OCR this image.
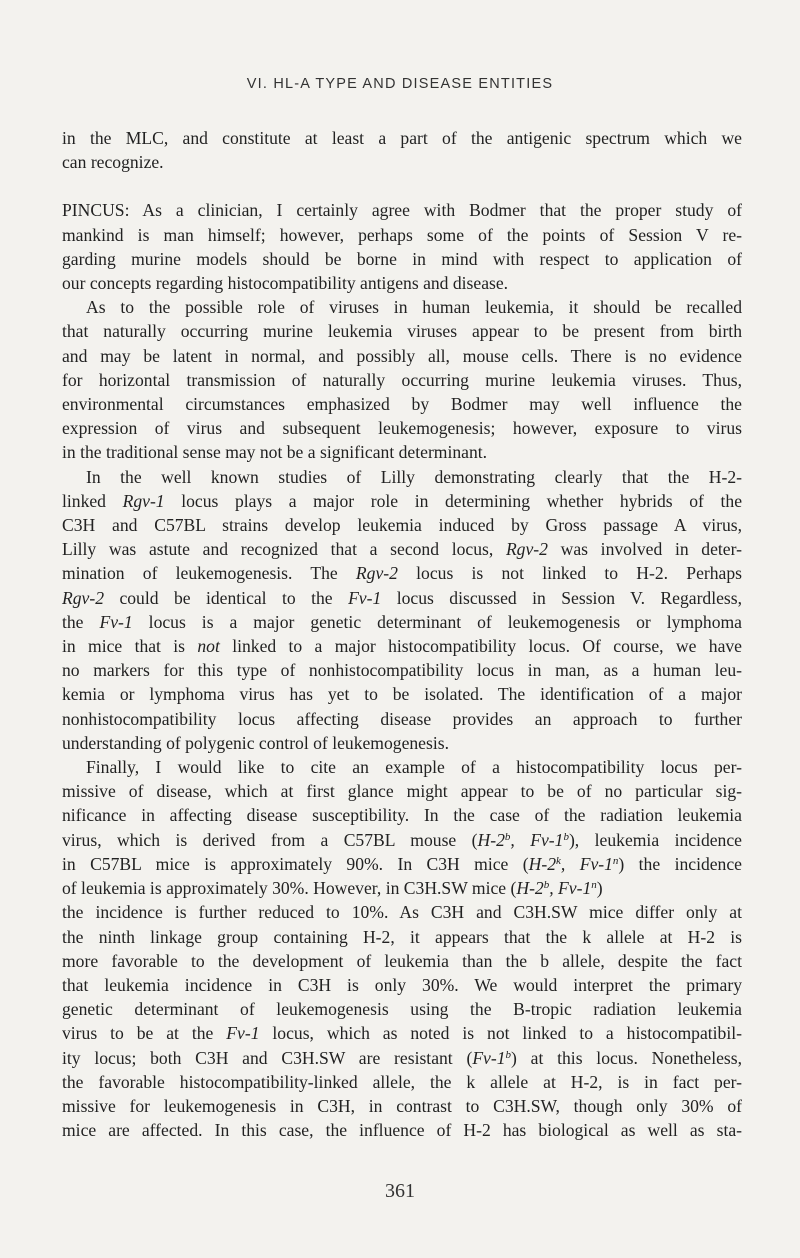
VI. HL-A TYPE AND DISEASE ENTITIES
in the MLC, and constitute at least a part of the antigenic spectrum which we
can recognize.
PINCUS: As a clinician, I certainly agree with Bodmer that the proper study of
mankind is man himself; however, perhaps some of the points of Session V re-
garding murine models should be borne in mind with respect to application of
our concepts regarding histocompatibility antigens and disease.
As to the possible role of viruses in human leukemia, it should be recalled
that naturally occurring murine leukemia viruses appear to be present from birth
and may be latent in normal, and possibly all, mouse cells. There is no evidence
for horizontal transmission of naturally occurring murine leukemia viruses. Thus,
environmental circumstances emphasized by Bodmer may well influence the
expression of virus and subsequent leukemogenesis; however, exposure to virus
in the traditional sense may not be a significant determinant.
In the well known studies of Lilly demonstrating clearly that the H-2-
linked Rgv-1 locus plays a major role in determining whether hybrids of the
C3H and C57BL strains develop leukemia induced by Gross passage A virus,
Lilly was astute and recognized that a second locus, Rgv-2 was involved in deter-
mination of leukemogenesis. The Rgv-2 locus is not linked to H-2. Perhaps
Rgv-2 could be identical to the Fv-1 locus discussed in Session V. Regardless,
the Fv-1 locus is a major genetic determinant of leukemogenesis or lymphoma
in mice that is not linked to a major histocompatibility locus. Of course, we have
no markers for this type of nonhistocompatibility locus in man, as a human leu-
kemia or lymphoma virus has yet to be isolated. The identification of a major
nonhistocompatibility locus affecting disease provides an approach to further
understanding of polygenic control of leukemogenesis.
Finally, I would like to cite an example of a histocompatibility locus per-
missive of disease, which at first glance might appear to be of no particular sig-
nificance in affecting disease susceptibility. In the case of the radiation leukemia
virus, which is derived from a C57BL mouse (H-2$^b$, Fv-1$^b$), leukemia incidence
in C57BL mice is approximately 90%. In C3H mice (H-2$^k$, Fv-1$^n$) the incidence
of leukemia is approximately 30%. However, in C3H.SW mice (H-2$^b$, Fv-1$^n$)
the incidence is further reduced to 10%. As C3H and C3H.SW mice differ only at
the ninth linkage group containing H-2, it appears that the k allele at H-2 is
more favorable to the development of leukemia than the b allele, despite the fact
that leukemia incidence in C3H is only 30%. We would interpret the primary
genetic determinant of leukemogenesis using the B-tropic radiation leukemia
virus to be at the Fv-1 locus, which as noted is not linked to a histocompatibil-
ity locus; both C3H and C3H.SW are resistant (Fv-1$^b$) at this locus. Nonetheless,
the favorable histocompatibility-linked allele, the k allele at H-2, is in fact per-
missive for leukemogenesis in C3H, in contrast to C3H.SW, though only 30% of
mice are affected. In this case, the influence of H-2 has biological as well as sta-
361
